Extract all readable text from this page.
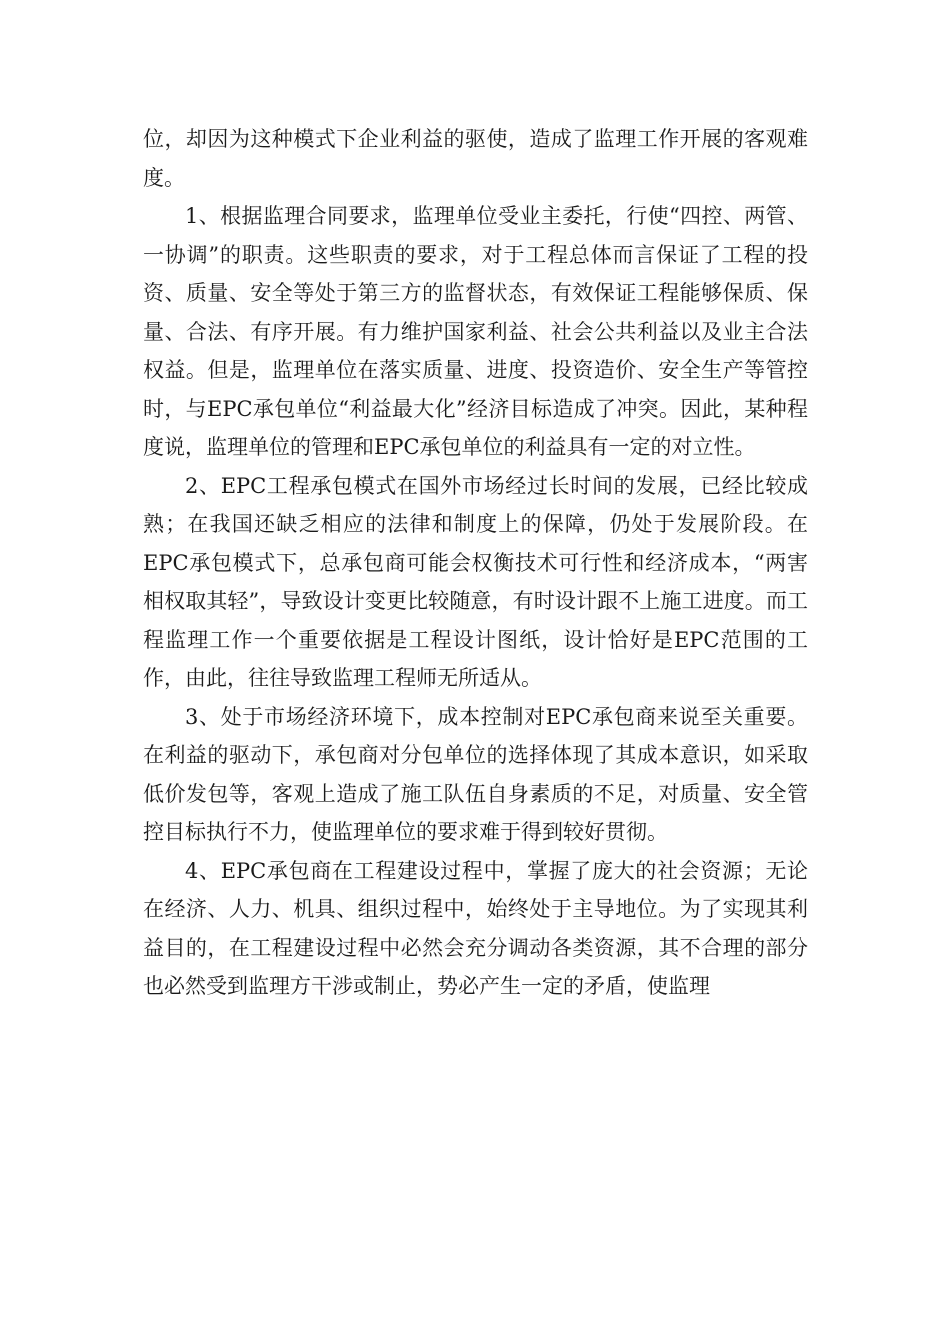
位，却因为这种模式下企业利益的驱使，造成了监理工作开展的客观难度。

1、根据监理合同要求，监理单位受业主委托，行使“四控、两管、一协调”的职责。这些职责的要求，对于工程总体而言保证了工程的投资、质量、安全等处于第三方的监督状态，有效保证工程能够保质、保量、合法、有序开展。有力维护国家利益、社会公共利益以及业主合法权益。但是，监理单位在落实质量、进度、投资造价、安全生产等管控时，与EPC承包单位“利益最大化”经济目标造成了冲突。因此，某种程度说，监理单位的管理和EPC承包单位的利益具有一定的对立性。

2、EPC工程承包模式在国外市场经过长时间的发展，已经比较成熟；在我国还缺乏相应的法律和制度上的保障，仍处于发展阶段。在EPC承包模式下，总承包商可能会权衡技术可行性和经济成本，“两害相权取其轻”，导致设计变更比较随意，有时设计跟不上施工进度。而工程监理工作一个重要依据是工程设计图纸，设计恰好是EPC范围的工作，由此，往往导致监理工程师无所适从。

3、处于市场经济环境下，成本控制对EPC承包商来说至关重要。在利益的驱动下，承包商对分包单位的选择体现了其成本意识，如采取低价发包等，客观上造成了施工队伍自身素质的不足，对质量、安全管控目标执行不力，使监理单位的要求难于得到较好贯彻。

4、EPC承包商在工程建设过程中，掌握了庞大的社会资源；无论在经济、人力、机具、组织过程中，始终处于主导地位。为了实现其利益目的，在工程建设过程中必然会充分调动各类资源，其不合理的部分也必然受到监理方干涉或制止，势必产生一定的矛盾，使监理
